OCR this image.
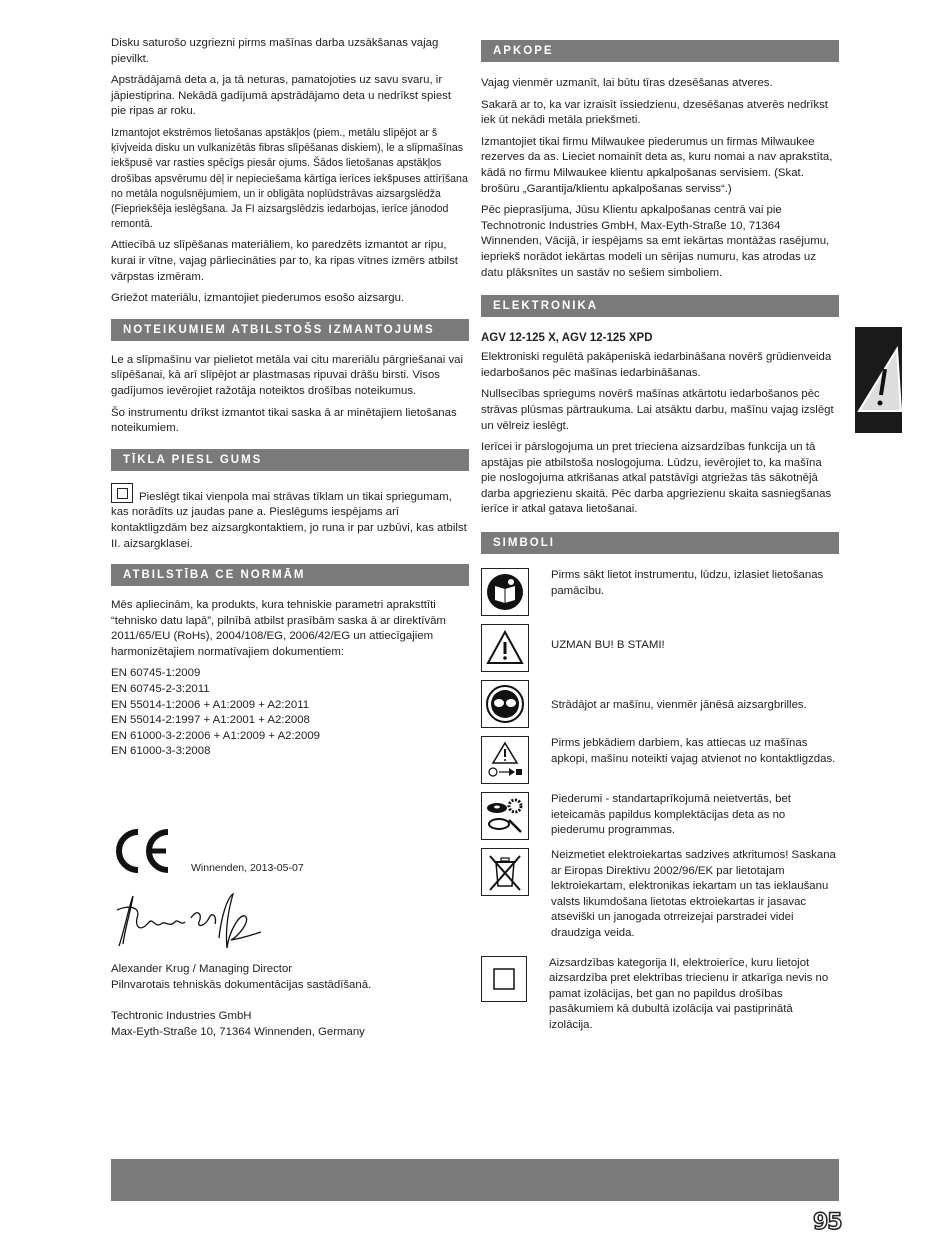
Disku saturošo uzgriezni pirms mašīnas darba uzsākšanas vajag pievilkt.

Apstrādājamā deta a, ja tā neturas, pamatojoties uz savu svaru, ir jāpiestiprina. Nekādā gadījumā apstrādājamo deta u nedrīkst spiest pie ripas ar roku.

Izmantojot ekstrēmos lietošanas apstākļos (piem., metālu slīpējot ar š ķīvjveida disku un vulkanizētās fibras slīpēšanas diskiem), le a slīpmašīnas iekšpusē var rasties spēcīgs piesār ojums. Šādos lietošanas apstākļos drošības apsvērumu dēļ ir nepieciešama kārtīga ierīces iekšpuses attīrīšana no metāla nogulsnējumiem, un ir obligāta noplūdstrāvas aizsargslēdža (Fiepriekšēja ieslēgšana. Ja FI aizsargslēdzis iedarbojas, ierīce jānodod remontā.

Attiecībā uz slīpēšanas materiāliem, ko paredzēts izmantot ar ripu, kurai ir vītne, vajag pārliecināties par to, ka ripas vītnes izmērs atbilst vārpstas izmēram.

Griežot materiālu, izmantojiet piederumos esošo aizsargu.

NOTEIKUMIEM ATBILSTOŠS IZMANTOJUMS

Le a slīpmašīnu var pielietot metāla vai citu mareriālu pārgriešanai vai slīpēšanai, kā arī slīpējot ar plastmasas ripuvai drāšu birsti. Visos gadījumos ievērojiet ražotāja noteiktos drošības noteikumus.

Šo instrumentu drīkst izmantot tikai saska ā ar minētajiem lietošanas noteikumiem.

TĪKLA PIESL GUMS

Pieslēgt tikai vienpola mai strāvas tīklam un tikai spriegumam, kas norādīts uz jaudas pane a. Pieslēgums iespējams arī kontaktligzdām bez aizsargkontaktiem, jo runa ir par uzbūvi, kas atbilst II. aizsargklasei.

ATBILSTĪBA CE NORMĀM

Mēs apliecinām, ka produkts, kura tehniskie parametri apraksttīti “tehnisko datu lapā”, pilnībā atbilst prasībām saska ā ar direktīvām 2011/65/EU (RoHs), 2004/108/EG, 2006/42/EG un attiecīgajiem harmonizētajiem normatīvajiem dokumentiem:

EN 60745-1:2009

EN 60745-2-3:2011

EN 55014-1:2006 + A1:2009 + A2:2011

EN 55014-2:1997 + A1:2001 + A2:2008

EN 61000-3-2:2006 + A1:2009 + A2:2009

EN 61000-3-3:2008

Winnenden, 2013-05-07

Alexander Krug / Managing Director

Pilnvarotais tehniskās dokumentācijas sastādīšanā.

Techtronic Industries GmbH

Max-Eyth-Straße 10, 71364 Winnenden, Germany

APKOPE

Vajag vienmēr uzmanīt, lai būtu tīras dzesēšanas atveres.

Sakarā ar to, ka var izraisīt īssiedzienu, dzesēšanas atverēs nedrīkst iek ūt nekādi metāla priekšmeti.

Izmantojiet tikai firmu Milwaukee piederumus un firmas Milwaukee rezerves da as. Lieciet nomainīt deta as, kuru nomai a nav aprakstīta, kādā no firmu Milwaukee klientu apkalpošanas servisiem. (Skat. brošūru „Garantija/klientu apkalpošanas serviss“.)

Pēc pieprasījuma, Jūsu Klientu apkalpošanas centrā vai pie Technotronic Industries GmbH, Max-Eyth-Straße 10, 71364 Winnenden, Vācijā, ir iespējams sa emt iekārtas montāžas rasējumu, iepriekš norādot iekārtas modeli un sērijas numuru, kas atrodas uz datu plāksnītes un sastāv no sešiem simboliem.

ELEKTRONIKA
AGV 12-125 X, AGV 12-125 XPD

Elektroniski regulētā pakāpeniskā iedarbināšana novērš grūdienveida iedarbošanos pēc mašīnas iedarbināšanas.

Nullsecības spriegums novērš mašīnas atkārtotu iedarbošanos pēc strāvas plūsmas pārtraukuma. Lai atsāktu darbu, mašīnu vajag izslēgt un vēlreiz ieslēgt.

Ierīcei ir pārslogojuma un pret trieciena aizsardzības funkcija un tā apstājas pie atbilstoša noslogojuma. Lūdzu, ievērojiet to, ka mašīna pie noslogojuma atkrišanas atkal patstāvīgi atgriežas tās sākotnējā darba apgriezienu skaitā. Pēc darba apgriezienu skaita sasniegšanas ierīce ir atkal gatava lietošanai.

SIMBOLI
Pirms sākt lietot instrumentu, lūdzu, izlasiet lietošanas pamācību.
UZMAN BU! B STAMI!
Strādājot ar mašīnu, vienmēr jānēsā aizsargbrilles.
Pirms jebkādiem darbiem, kas attiecas uz mašīnas apkopi, mašīnu noteikti vajag atvienot no kontaktligzdas.
Piederumi - standartaprīkojumā neietvertās, bet ieteicamās papildus komplektācijas deta as no piederumu programmas.
Neizmetiet elektroiekartas sadzives atkritumos! Saskana ar Eiropas Direktivu 2002/96/EK par lietotajam lektroiekartam, elektronikas iekartam un tas ieklaušanu valsts likumdošana lietotas ektroiekartas ir jasavac atseviški un janogada otrreizejai parstradei videi draudziga veida.
Aizsardzības kategorija II, elektroierīce, kuru lietojot aizsardzība pret elektrības triecienu ir atkarīga nevis no pamat izolācijas, bet gan no papildus drošības pasākumiem kā dubultā izolācija vai pastiprinātā izolācija.
95
